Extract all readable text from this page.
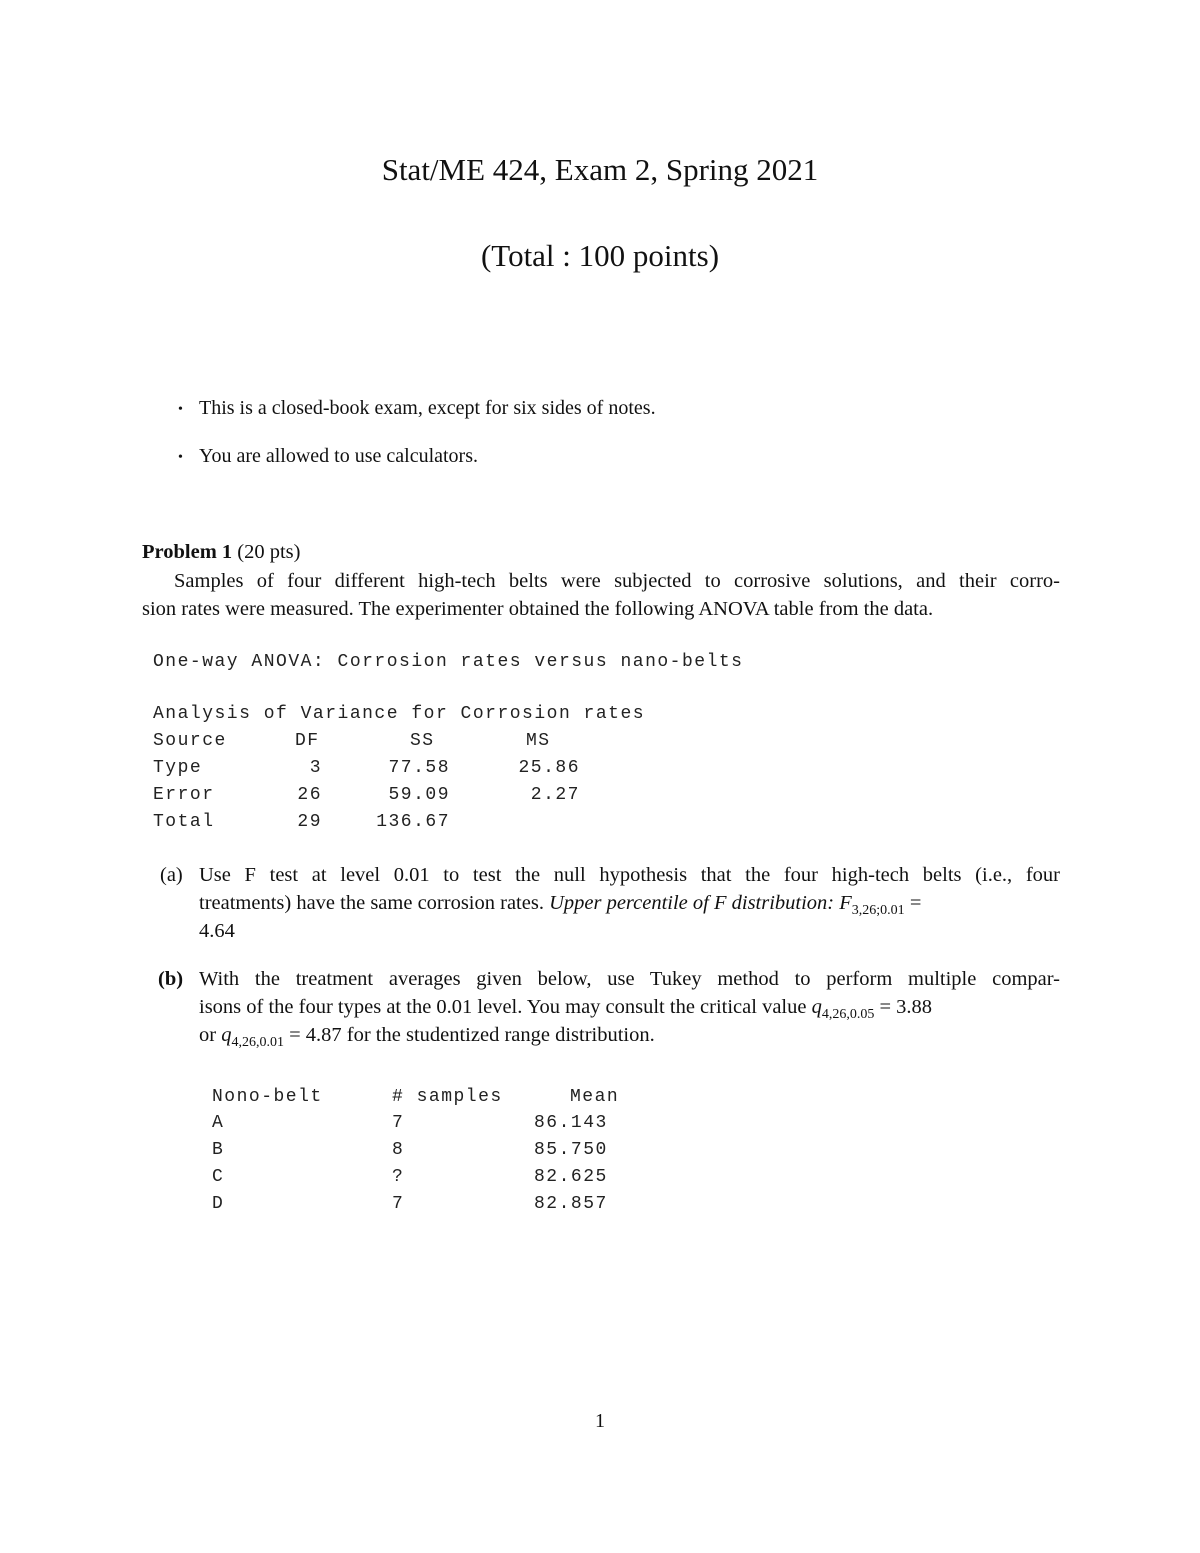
Stat/ME 424, Exam 2, Spring 2021
(Total : 100 points)
• This is a closed-book exam, except for six sides of notes.
• You are allowed to use calculators.
Problem 1 (20 pts)
Samples of four different high-tech belts were subjected to corrosive solutions, and their corro-
sion rates were measured. The experimenter obtained the following ANOVA table from the data.
One-way ANOVA: Corrosion rates versus nano-belts
Analysis of Variance for Corrosion rates
Source	DF	SS	MS
Type	3	77.58	25.86
Error	26	59.09	2.27
Total	29	136.67
(a) Use F test at level 0.01 to test the null hypothesis that the four high-tech belts (i.e., four
treatments) have the same corrosion rates. Upper percentile of F distribution: $F_{3,26;0.01}$ =
4.64
(b) With the treatment averages given below, use Tukey method to perform multiple compar-
isons of the four types at the 0.01 level. You may consult the critical value $q_{4,26,0.05} = 3.88$
or $q_{4,26,0.01} = 4.87$ for the studentized range distribution.
Nono-belt	# samples	Mean
A	7	86.143
B	8	85.750
C	?	82.625
D	7	82.857
1
